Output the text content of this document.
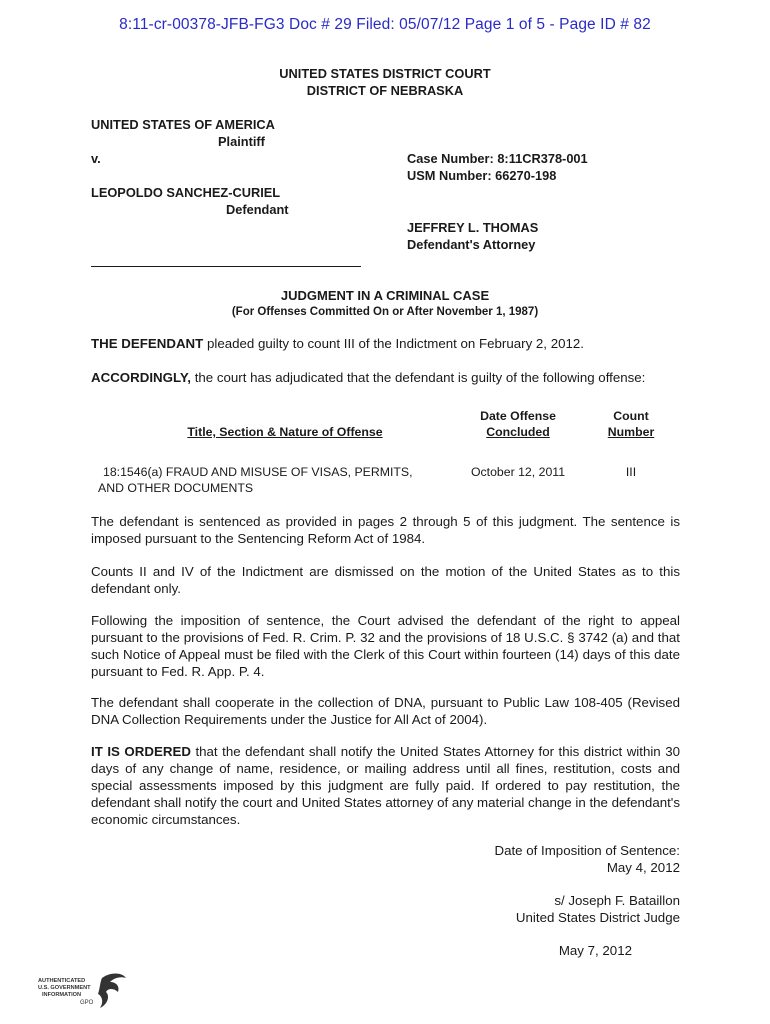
8:11-cr-00378-JFB-FG3 Doc # 29 Filed: 05/07/12 Page 1 of 5 - Page ID # 82
UNITED STATES DISTRICT COURT
DISTRICT OF NEBRASKA
UNITED STATES OF AMERICA
Plaintiff
v.
LEOPOLDO SANCHEZ-CURIEL
Defendant
Case Number: 8:11CR378-001
USM Number: 66270-198
JEFFREY L. THOMAS
Defendant's Attorney
JUDGMENT IN A CRIMINAL CASE
(For Offenses Committed On or After November 1, 1987)
THE DEFENDANT pleaded guilty to count III of the Indictment on February 2, 2012.
ACCORDINGLY, the court has adjudicated that the defendant is guilty of the following offense:
Title, Section & Nature of Offense
Date Offense
Concluded
Count
Number
18:1546(a) FRAUD AND MISUSE OF VISAS, PERMITS,
AND OTHER DOCUMENTS
October 12, 2011	III
The defendant is sentenced as provided in pages 2 through 5 of this judgment. The sentence is imposed pursuant to the Sentencing Reform Act of 1984.
Counts II and IV of the Indictment are dismissed on the motion of the United States as to this defendant only.
Following the imposition of sentence, the Court advised the defendant of the right to appeal pursuant to the provisions of Fed. R. Crim. P. 32 and the provisions of 18 U.S.C. § 3742 (a) and that such Notice of Appeal must be filed with the Clerk of this Court within fourteen (14) days of this date pursuant to Fed. R. App. P. 4.
The defendant shall cooperate in the collection of DNA, pursuant to Public Law 108-405 (Revised DNA Collection Requirements under the Justice for All Act of 2004).
IT IS ORDERED that the defendant shall notify the United States Attorney for this district within 30 days of any change of name, residence, or mailing address until all fines, restitution, costs and special assessments imposed by this judgment are fully paid. If ordered to pay restitution, the defendant shall notify the court and United States attorney of any material change in the defendant's economic circumstances.
Date of Imposition of Sentence:
May 4, 2012
s/ Joseph F. Bataillon
United States District Judge
May 7, 2012
AUTHENTICATED
U.S. GOVERNMENT
INFORMATION
GPO
